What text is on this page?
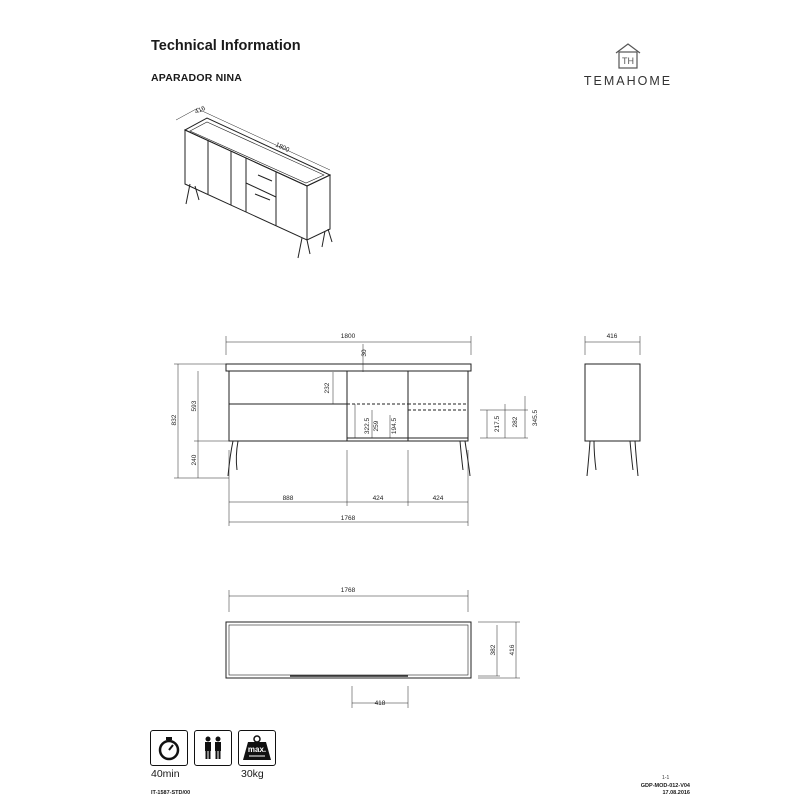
Technical Information
APARADOR NINA
TH
TEMAHOME
416
1800
1800	416
30
232
832
593
240
322.5 259 194.5	217.5 282 345.5
888	424	424
1768
1768
382 416
418
max.
40min	30kg
IT-1587-STD/00
1-1
GDP-MOD-012-V04
17.08.2016
